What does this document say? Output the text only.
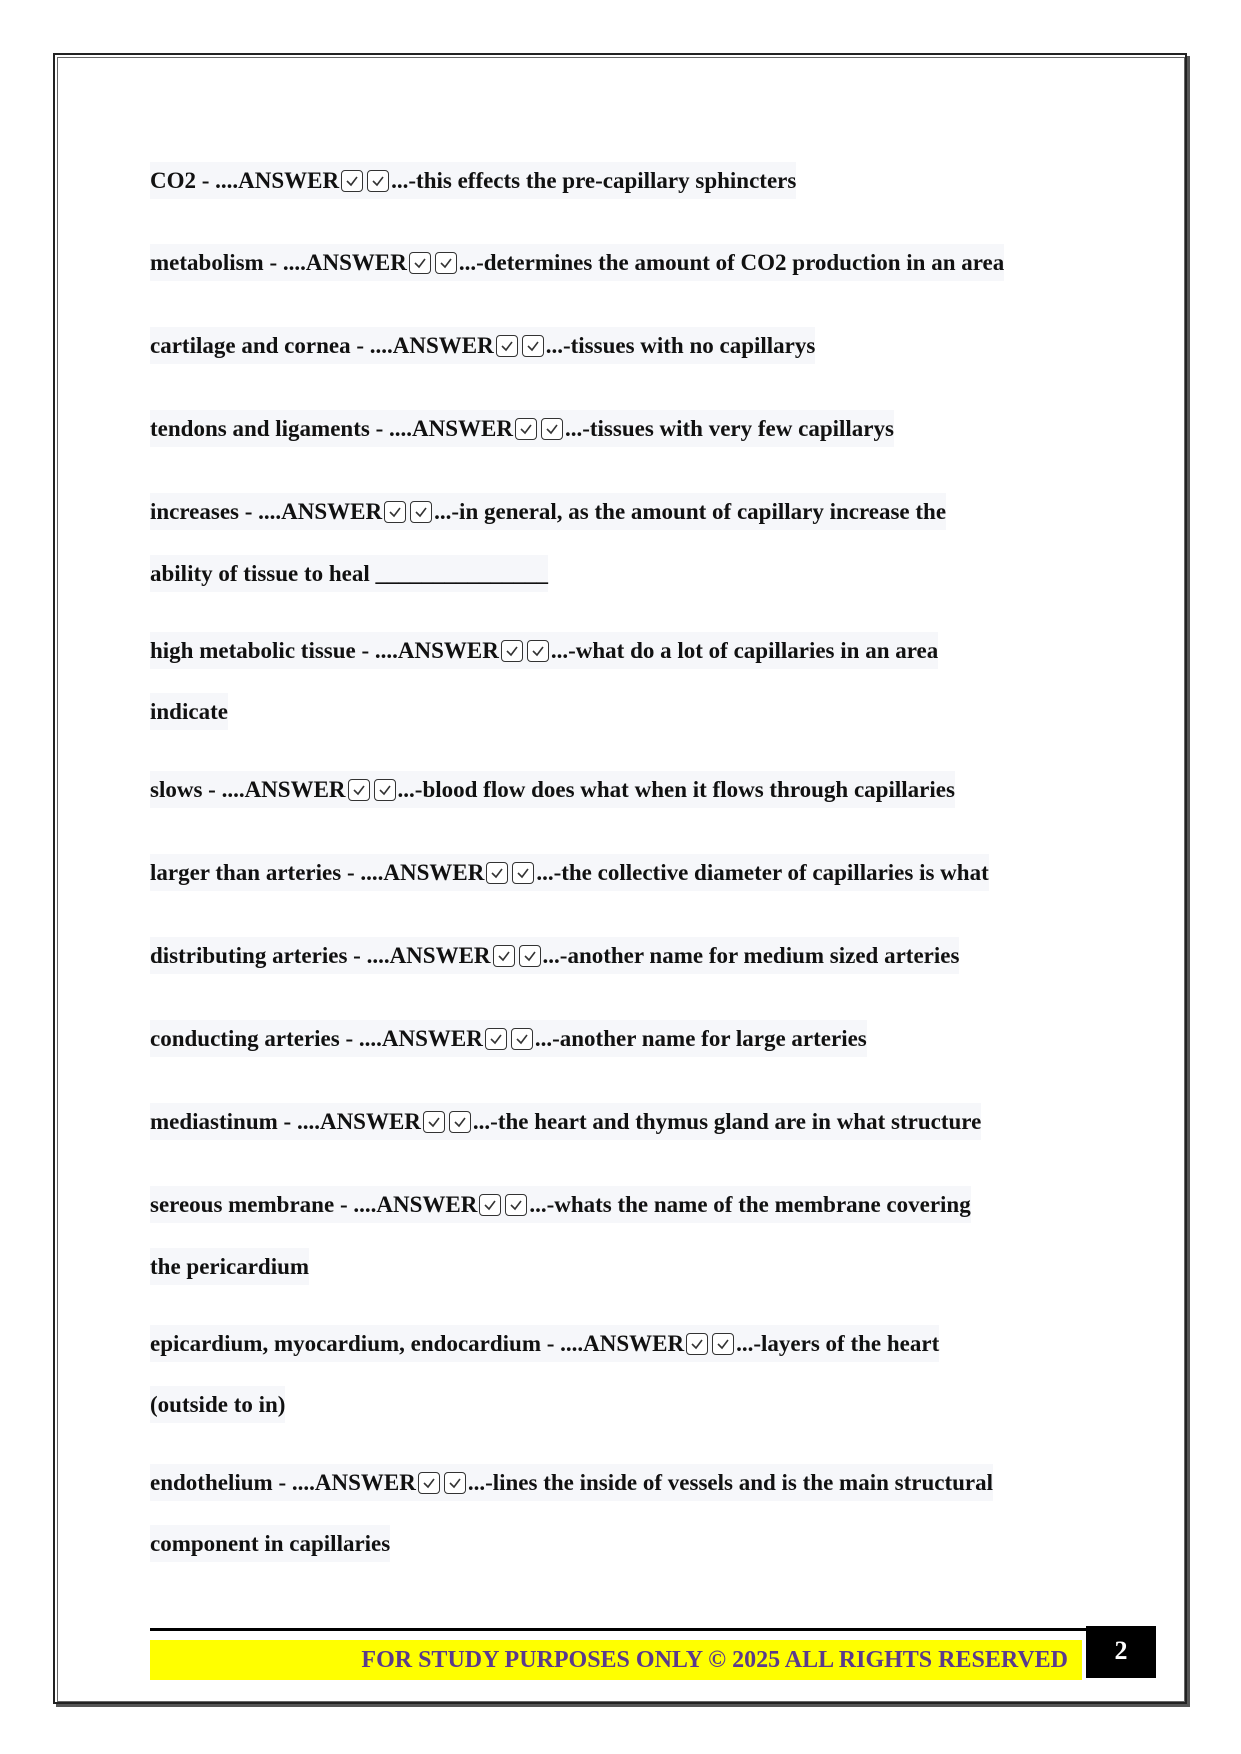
CO2 - ....ANSWER ...-this effects the pre-capillary sphincters

metabolism - ....ANSWER ...-determines the amount of CO2 production in an area

cartilage and cornea - ....ANSWER ...-tissues with no capillarys

tendons and ligaments - ....ANSWER ...-tissues with very few capillarys

increases - ....ANSWER ...-in general, as the amount of capillary increase the

ability of tissue to heal _______________

high metabolic tissue - ....ANSWER ...-what do a lot of capillaries in an area

indicate

slows - ....ANSWER ...-blood flow does what when it flows through capillaries

larger than arteries - ....ANSWER ...-the collective diameter of capillaries is what

distributing arteries - ....ANSWER ...-another name for medium sized arteries

conducting arteries - ....ANSWER ...-another name for large arteries

mediastinum - ....ANSWER ...-the heart and thymus gland are in what structure

sereous membrane - ....ANSWER ...-whats the name of the membrane covering

the pericardium

epicardium, myocardium, endocardium - ....ANSWER ...-layers of the heart

(outside to in)

endothelium - ....ANSWER ...-lines the inside of vessels and is the main structural

component in capillaries

FOR STUDY PURPOSES ONLY © 2025 ALL RIGHTS RESERVED	2
